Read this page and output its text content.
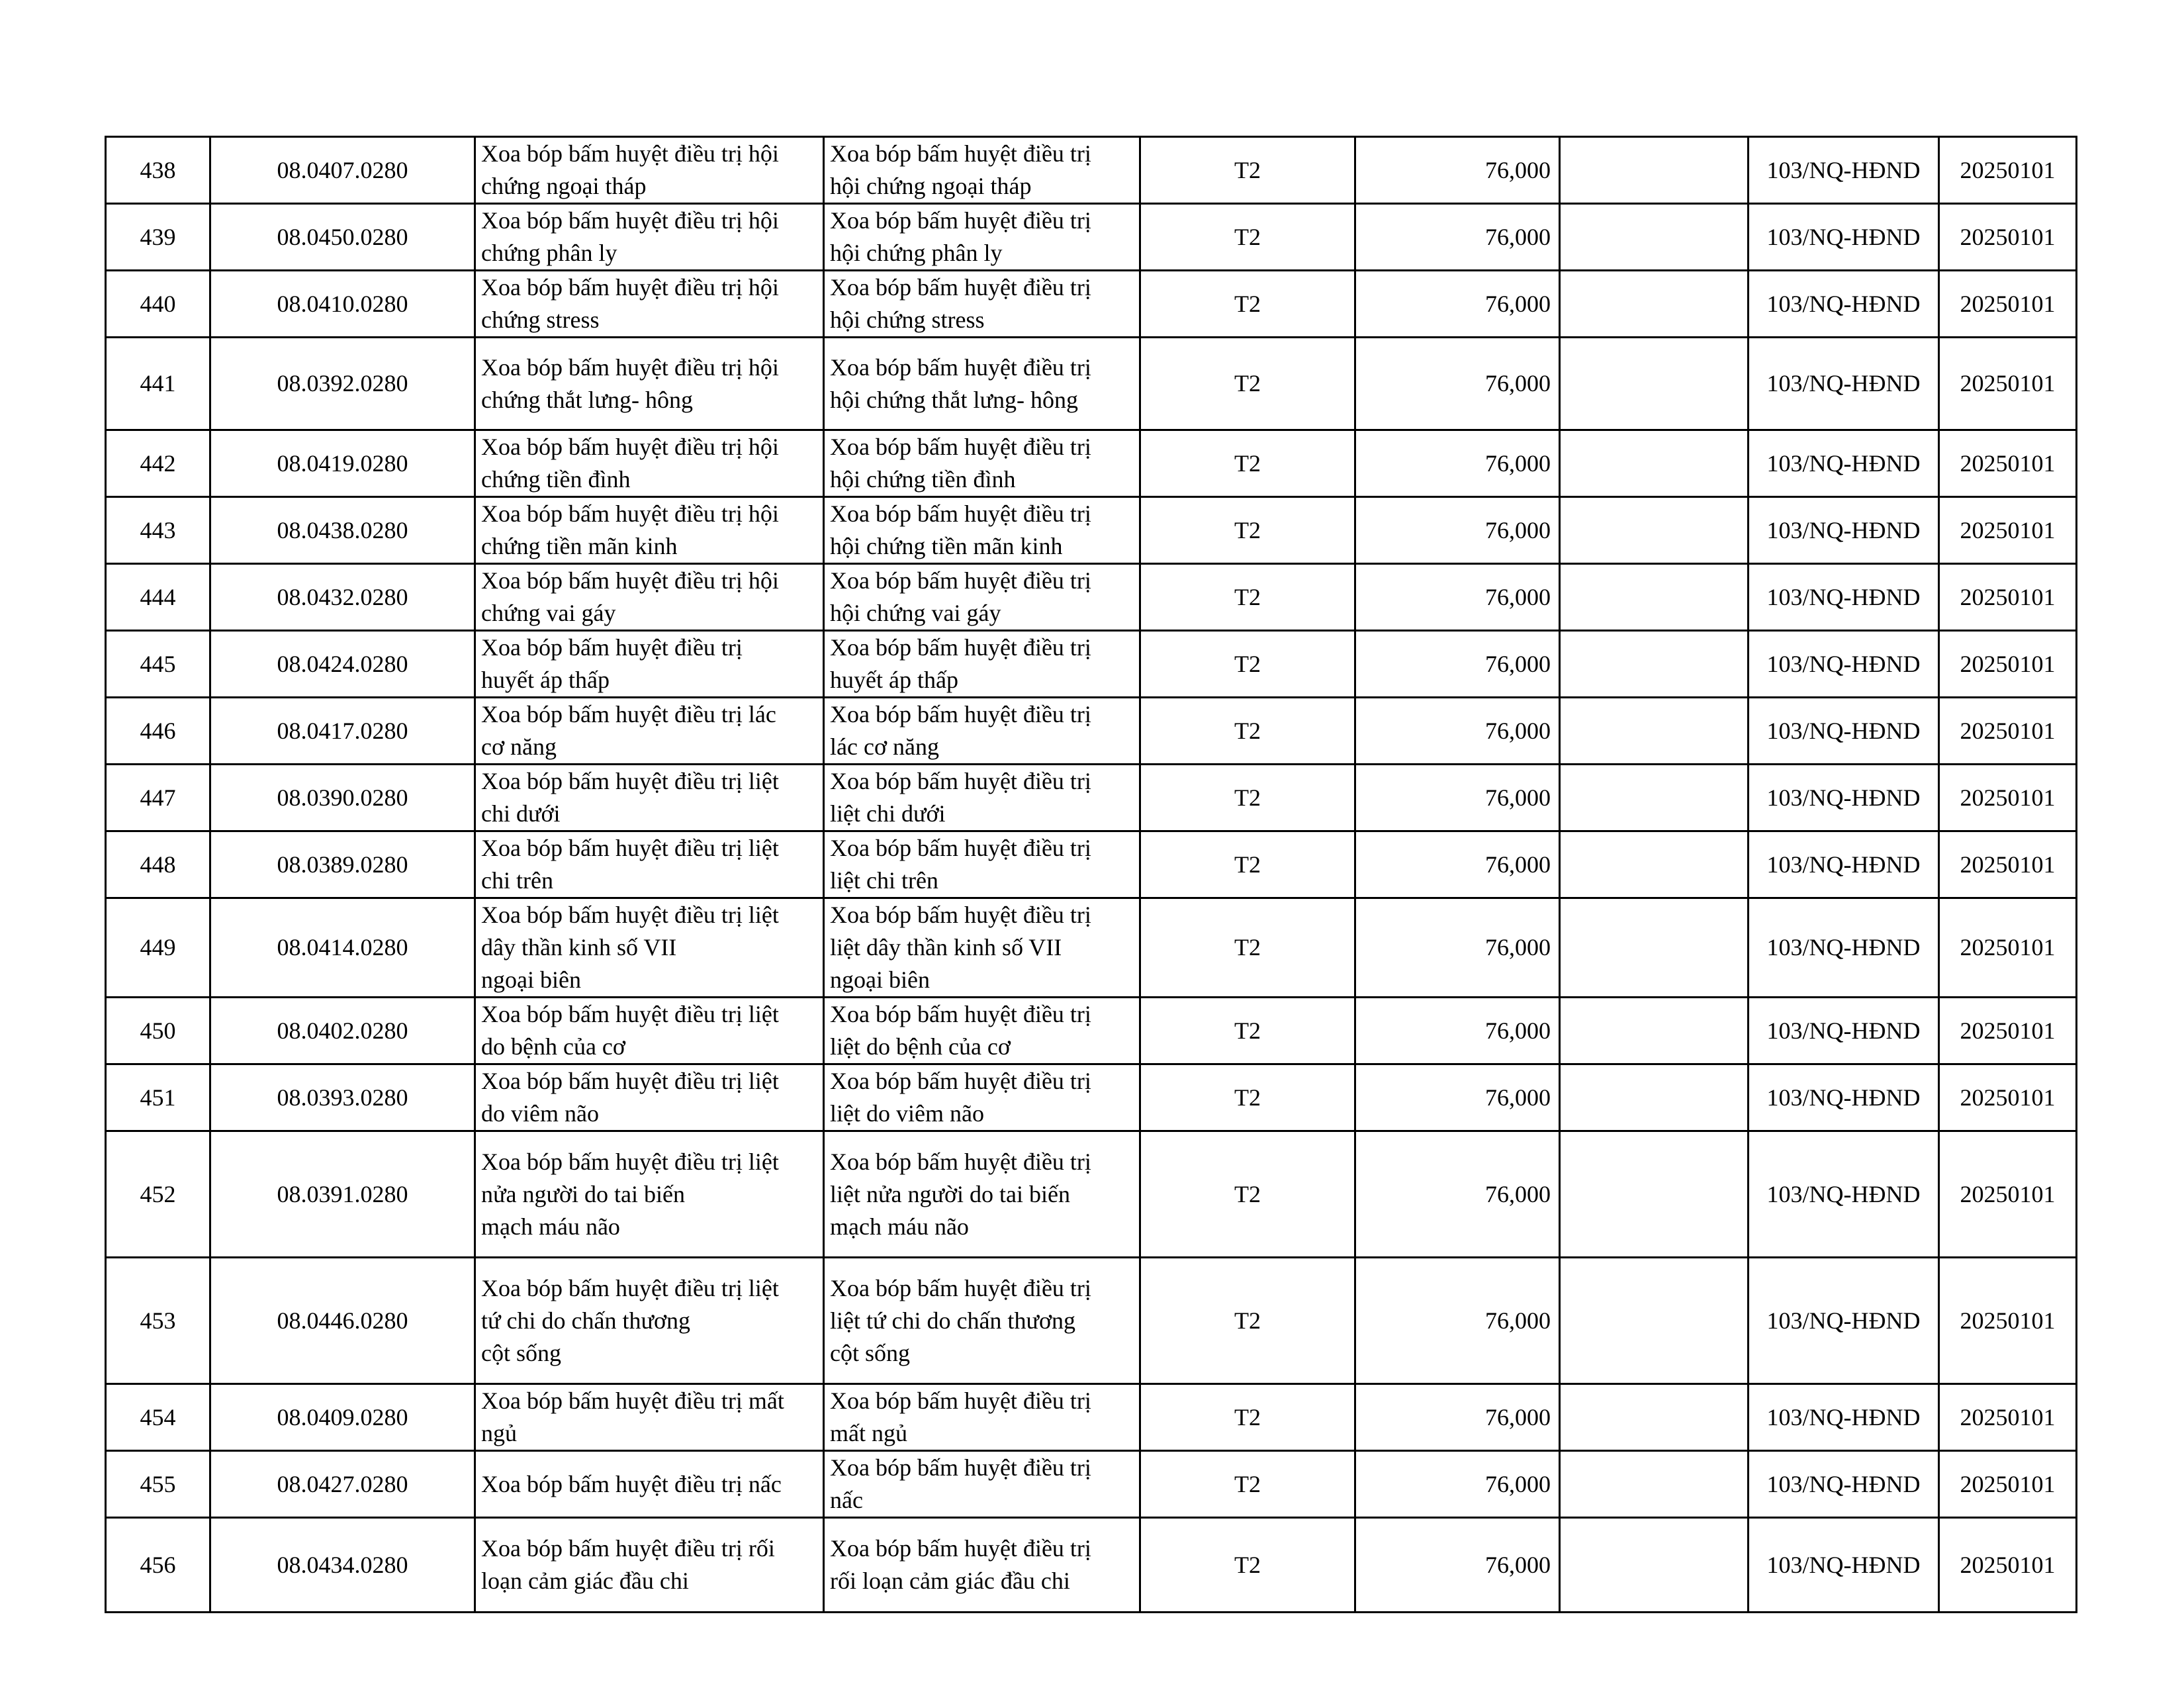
438	08.0407.0280	Xoa bóp bấm huyệt điều trị hội
chứng ngoại tháp	Xoa bóp bấm huyệt điều trị
hội chứng ngoại tháp	T2	76,000		103/NQ-HĐND	20250101
439	08.0450.0280	Xoa bóp bấm huyệt điều trị hội
chứng phân ly	Xoa bóp bấm huyệt điều trị
hội chứng phân ly	T2	76,000		103/NQ-HĐND	20250101
440	08.0410.0280	Xoa bóp bấm huyệt điều trị hội
chứng stress	Xoa bóp bấm huyệt điều trị
hội chứng stress	T2	76,000		103/NQ-HĐND	20250101
441	08.0392.0280	Xoa bóp bấm huyệt điều trị hội
chứng thắt lưng- hông	Xoa bóp bấm huyệt điều trị
hội chứng thắt lưng- hông	T2	76,000		103/NQ-HĐND	20250101
442	08.0419.0280	Xoa bóp bấm huyệt điều trị hội
chứng tiền đình	Xoa bóp bấm huyệt điều trị
hội chứng tiền đình	T2	76,000		103/NQ-HĐND	20250101
443	08.0438.0280	Xoa bóp bấm huyệt điều trị hội
chứng tiền mãn kinh	Xoa bóp bấm huyệt điều trị
hội chứng tiền mãn kinh	T2	76,000		103/NQ-HĐND	20250101
444	08.0432.0280	Xoa bóp bấm huyệt điều trị hội
chứng vai gáy	Xoa bóp bấm huyệt điều trị
hội chứng vai gáy	T2	76,000		103/NQ-HĐND	20250101
445	08.0424.0280	Xoa bóp bấm huyệt điều trị
huyết áp thấp	Xoa bóp bấm huyệt điều trị
huyết áp thấp	T2	76,000		103/NQ-HĐND	20250101
446	08.0417.0280	Xoa bóp bấm huyệt điều trị lác
cơ năng	Xoa bóp bấm huyệt điều trị
lác cơ năng	T2	76,000		103/NQ-HĐND	20250101
447	08.0390.0280	Xoa bóp bấm huyệt điều trị liệt
chi dưới	Xoa bóp bấm huyệt điều trị
liệt chi dưới	T2	76,000		103/NQ-HĐND	20250101
448	08.0389.0280	Xoa bóp bấm huyệt điều trị liệt
chi trên	Xoa bóp bấm huyệt điều trị
liệt chi trên	T2	76,000		103/NQ-HĐND	20250101
449	08.0414.0280	Xoa bóp bấm huyệt điều trị liệt
dây thần kinh số VII
ngoại biên	Xoa bóp bấm huyệt điều trị
liệt dây thần kinh số VII
ngoại biên	T2	76,000		103/NQ-HĐND	20250101
450	08.0402.0280	Xoa bóp bấm huyệt điều trị liệt
do bệnh của cơ	Xoa bóp bấm huyệt điều trị
liệt do bệnh của cơ	T2	76,000		103/NQ-HĐND	20250101
451	08.0393.0280	Xoa bóp bấm huyệt điều trị liệt
do viêm não	Xoa bóp bấm huyệt điều trị
liệt do viêm não	T2	76,000		103/NQ-HĐND	20250101
452	08.0391.0280	Xoa bóp bấm huyệt điều trị liệt
nửa người do tai biến
mạch máu não	Xoa bóp bấm huyệt điều trị
liệt nửa người do tai biến
mạch máu não	T2	76,000		103/NQ-HĐND	20250101
453	08.0446.0280	Xoa bóp bấm huyệt điều trị liệt
tứ chi do chấn thương
cột sống	Xoa bóp bấm huyệt điều trị
liệt tứ chi do chấn thương
cột sống	T2	76,000		103/NQ-HĐND	20250101
454	08.0409.0280	Xoa bóp bấm huyệt điều trị mất
ngủ	Xoa bóp bấm huyệt điều trị
mất ngủ	T2	76,000		103/NQ-HĐND	20250101
455	08.0427.0280	Xoa bóp bấm huyệt điều trị nấc	Xoa bóp bấm huyệt điều trị
nấc	T2	76,000		103/NQ-HĐND	20250101
456	08.0434.0280	Xoa bóp bấm huyệt điều trị rối
loạn cảm giác đầu chi	Xoa bóp bấm huyệt điều trị
rối loạn cảm giác đầu chi	T2	76,000		103/NQ-HĐND	20250101
